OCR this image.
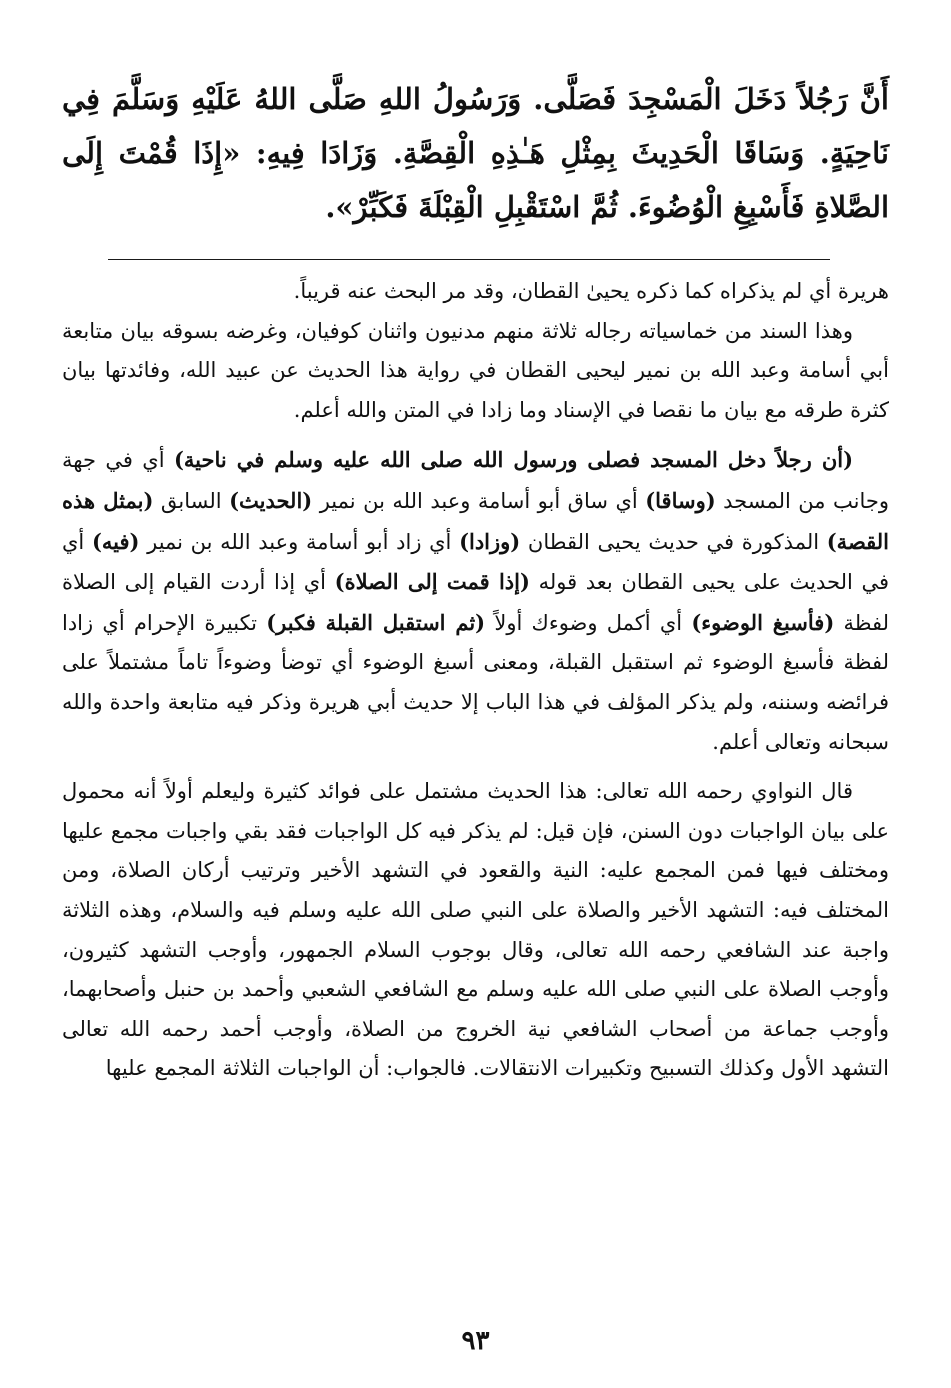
أَنَّ رَجُلاً دَخَلَ الْمَسْجِدَ فَصَلَّى. وَرَسُولُ اللهِ صَلَّى اللهُ عَلَيْهِ وَسَلَّمَ فِي نَاحِيَةٍ. وَسَاقَا الْحَدِيثَ بِمِثْلِ هَـٰذِهِ الْقِصَّةِ. وَزَادَا فِيهِ: «إِذَا قُمْتَ إِلَى الصَّلاةِ فَأَسْبِغِ الْوُضُوءَ. ثُمَّ اسْتَقْبِلِ الْقِبْلَةَ فَكَبِّرْ».

هريرة أي لم يذكراه كما ذكره يحيىٰ القطان، وقد مر البحث عنه قريباً.

وهذا السند من خماسياته رجاله ثلاثة منهم مدنيون واثنان كوفيان، وغرضه بسوقه بيان متابعة أبي أسامة وعبد الله بن نمير ليحيى القطان في رواية هذا الحديث عن عبيد الله، وفائدتها بيان كثرة طرقه مع بيان ما نقصا في الإسناد وما زادا في المتن والله أعلم.

(أن رجلاً دخل المسجد فصلى ورسول الله صلى الله عليه وسلم في ناحية) أي في جهة وجانب من المسجد (وساقا) أي ساق أبو أسامة وعبد الله بن نمير (الحديث) السابق (بمثل هذه القصة) المذكورة في حديث يحيى القطان (وزادا) أي زاد أبو أسامة وعبد الله بن نمير (فيه) أي في الحديث على يحيى القطان بعد قوله (إذا قمت إلى الصلاة) أي إذا أردت القيام إلى الصلاة لفظة (فأسبغ الوضوء) أي أكمل وضوءك أولاً (ثم استقبل القبلة فكبر) تكبيرة الإحرام أي زادا لفظة فأسبغ الوضوء ثم استقبل القبلة، ومعنى أسبغ الوضوء أي توضأ وضوءاً تاماً مشتملاً على فرائضه وسننه، ولم يذكر المؤلف في هذا الباب إلا حديث أبي هريرة وذكر فيه متابعة واحدة والله سبحانه وتعالى أعلم.

قال النواوي رحمه الله تعالى: هذا الحديث مشتمل على فوائد كثيرة وليعلم أولاً أنه محمول على بيان الواجبات دون السنن، فإن قيل: لم يذكر فيه كل الواجبات فقد بقي واجبات مجمع عليها ومختلف فيها فمن المجمع عليه: النية والقعود في التشهد الأخير وترتيب أركان الصلاة، ومن المختلف فيه: التشهد الأخير والصلاة على النبي صلى الله عليه وسلم فيه والسلام، وهذه الثلاثة واجبة عند الشافعي رحمه الله تعالى، وقال بوجوب السلام الجمهور، وأوجب التشهد كثيرون، وأوجب الصلاة على النبي صلى الله عليه وسلم مع الشافعي الشعبي وأحمد بن حنبل وأصحابهما، وأوجب جماعة من أصحاب الشافعي نية الخروج من الصلاة، وأوجب أحمد رحمه الله تعالى التشهد الأول وكذلك التسبيح وتكبيرات الانتقالات. فالجواب: أن الواجبات الثلاثة المجمع عليها

٩٣
